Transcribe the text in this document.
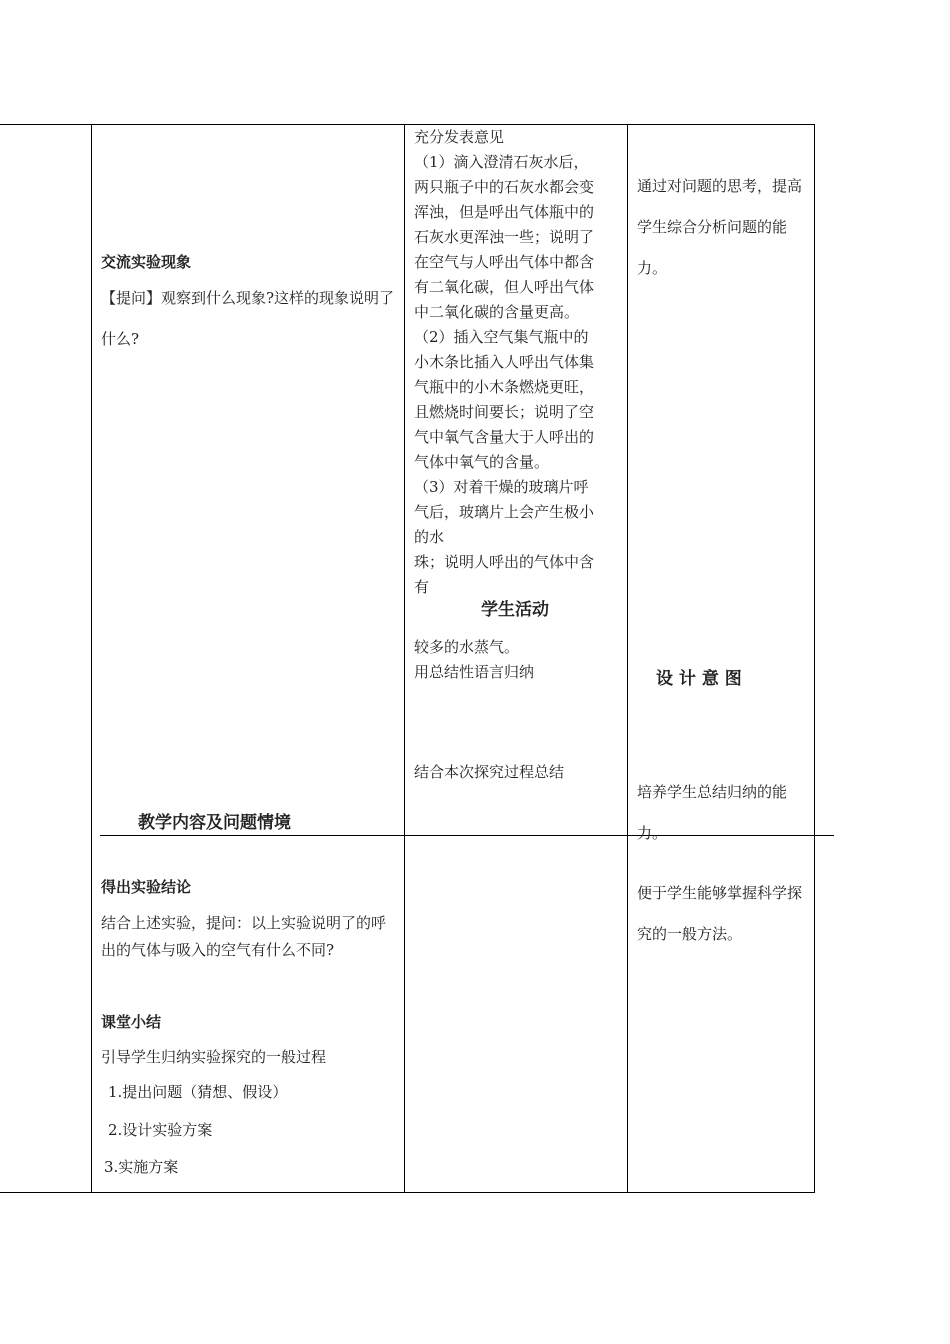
交流实验现象
【提问】观察到什么现象?这样的现象说明了什么?
教学内容及问题情境
得出实验结论
结合上述实验，提问：以上实验说明了的呼出的气体与吸入的空气有什么不同?
课堂小结
引导学生归纳实验探究的一般过程
1.提出问题（猜想、假设）
2.设计实验方案
3.实施方案

充分发表意见

（1）滴入澄清石灰水后，

两只瓶子中的石灰水都会变

浑浊，但是呼出气体瓶中的

石灰水更浑浊一些；说明了

在空气与人呼出气体中都含

有二氧化碳，但人呼出气体

中二氧化碳的含量更高。

（2）插入空气集气瓶中的

小木条比插入人呼出气体集

气瓶中的小木条燃烧更旺，

且燃烧时间要长；说明了空

气中氧气含量大于人呼出的

气体中氧气的含量。

（3）对着干燥的玻璃片呼

气后，玻璃片上会产生极小

的水

珠；说明人呼出的气体中含

有

学生活动
较多的水蒸气。
用总结性语言归纳
结合本次探究过程总结
通过对问题的思考，提高学生综合分析问题的能力。
设 计 意 图
培养学生总结归纳的能力。
便于学生能够掌握科学探究的一般方法。
